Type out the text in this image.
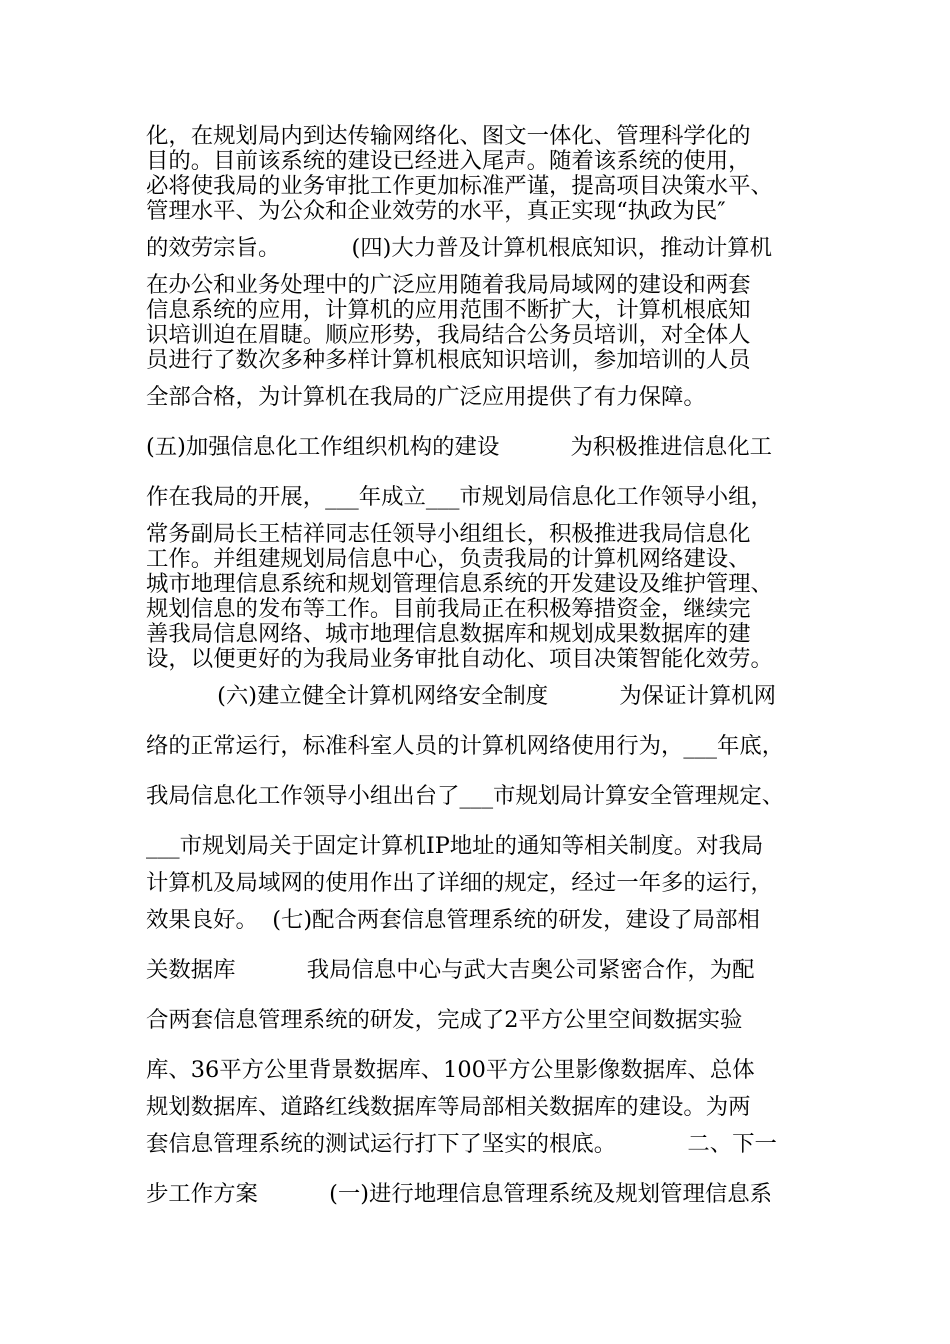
化，在规划局内到达传输网络化、图文一体化、管理科学化的
目的。目前该系统的建设已经进入尾声。随着该系统的使用，
必将使我局的业务审批工作更加标准严谨，提高项目决策水平、
管理水平、为公众和企业效劳的水平，真正实现“执政为民″
的效劳宗旨。          (四)大力普及计算机根底知识，推动计算机
在办公和业务处理中的广泛应用随着我局局域网的建设和两套
信息系统的应用，计算机的应用范围不断扩大，计算机根底知
识培训迫在眉睫。顺应形势，我局结合公务员培训，对全体人
员进行了数次多种多样计算机根底知识培训，参加培训的人员
全部合格，为计算机在我局的广泛应用提供了有力保障。
(五)加强信息化工作组织机构的建设          为积极推进信息化工
作在我局的开展，___年成立___市规划局信息化工作领导小组，
常务副局长王桔祥同志任领导小组组长，积极推进我局信息化
工作。并组建规划局信息中心，负责我局的计算机网络建设、
城市地理信息系统和规划管理信息系统的开发建设及维护管理、
规划信息的发布等工作。目前我局正在积极筹措资金，继续完
善我局信息网络、城市地理信息数据库和规划成果数据库的建
设，以便更好的为我局业务审批自动化、项目决策智能化效劳。
(六)建立健全计算机网络安全制度          为保证计算机网
络的正常运行，标准科室人员的计算机网络使用行为，___年底，
我局信息化工作领导小组出台了___市规划局计算安全管理规定、
___市规划局关于固定计算机IP地址的通知等相关制度。对我局
计算机及局域网的使用作出了详细的规定，经过一年多的运行，
效果良好。  (七)配合两套信息管理系统的研发，建设了局部相
关数据库          我局信息中心与武大吉奥公司紧密合作，为配
合两套信息管理系统的研发，完成了2平方公里空间数据实验
库、36平方公里背景数据库、100平方公里影像数据库、总体
规划数据库、道路红线数据库等局部相关数据库的建设。为两
套信息管理系统的测试运行打下了坚实的根底。          二、下一
步工作方案          (一)进行地理信息管理系统及规划管理信息系
